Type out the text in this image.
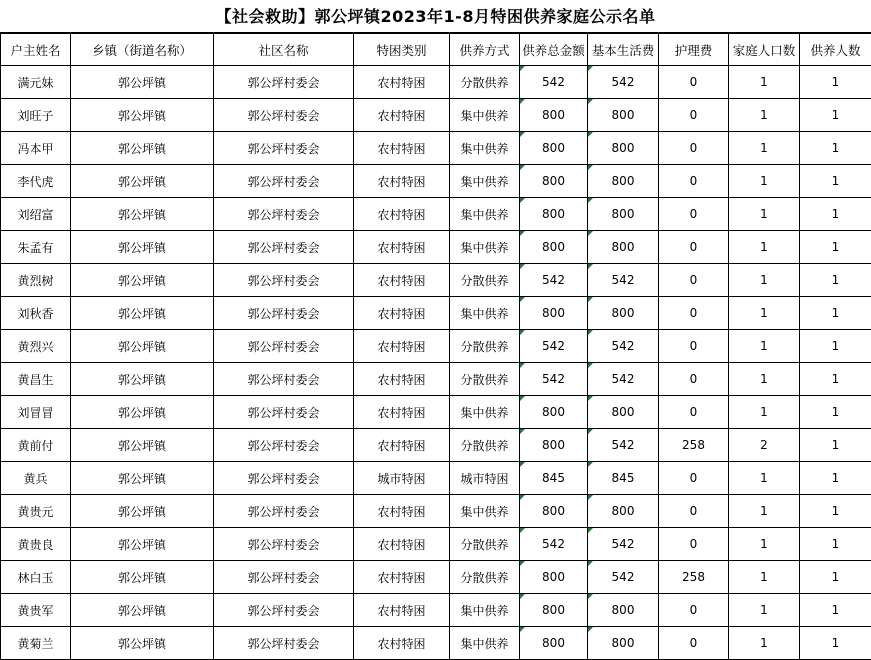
【社会救助】郭公坪镇2023年1-8月特困供养家庭公示名单
户主姓名	乡镇（街道名称）	社区名称	特困类别	供养方式	供养总金额	基本生活费	护理费	家庭人口数	供养人数
满元妹	郭公坪镇	郭公坪村委会	农村特困	分散供养	542	542	0	1	1
刘旺子	郭公坪镇	郭公坪村委会	农村特困	集中供养	800	800	0	1	1
冯本甲	郭公坪镇	郭公坪村委会	农村特困	集中供养	800	800	0	1	1
李代虎	郭公坪镇	郭公坪村委会	农村特困	集中供养	800	800	0	1	1
刘绍富	郭公坪镇	郭公坪村委会	农村特困	集中供养	800	800	0	1	1
朱孟有	郭公坪镇	郭公坪村委会	农村特困	集中供养	800	800	0	1	1
黄烈树	郭公坪镇	郭公坪村委会	农村特困	分散供养	542	542	0	1	1
刘秋香	郭公坪镇	郭公坪村委会	农村特困	集中供养	800	800	0	1	1
黄烈兴	郭公坪镇	郭公坪村委会	农村特困	分散供养	542	542	0	1	1
黄昌生	郭公坪镇	郭公坪村委会	农村特困	分散供养	542	542	0	1	1
刘冒冒	郭公坪镇	郭公坪村委会	农村特困	集中供养	800	800	0	1	1
黄前付	郭公坪镇	郭公坪村委会	农村特困	分散供养	800	542	258	2	1
黄兵	郭公坪镇	郭公坪村委会	城市特困	城市特困	845	845	0	1	1
黄贵元	郭公坪镇	郭公坪村委会	农村特困	集中供养	800	800	0	1	1
黄贵良	郭公坪镇	郭公坪村委会	农村特困	分散供养	542	542	0	1	1
林白玉	郭公坪镇	郭公坪村委会	农村特困	分散供养	800	542	258	1	1
黄贵军	郭公坪镇	郭公坪村委会	农村特困	集中供养	800	800	0	1	1
黄菊兰	郭公坪镇	郭公坪村委会	农村特困	集中供养	800	800	0	1	1
